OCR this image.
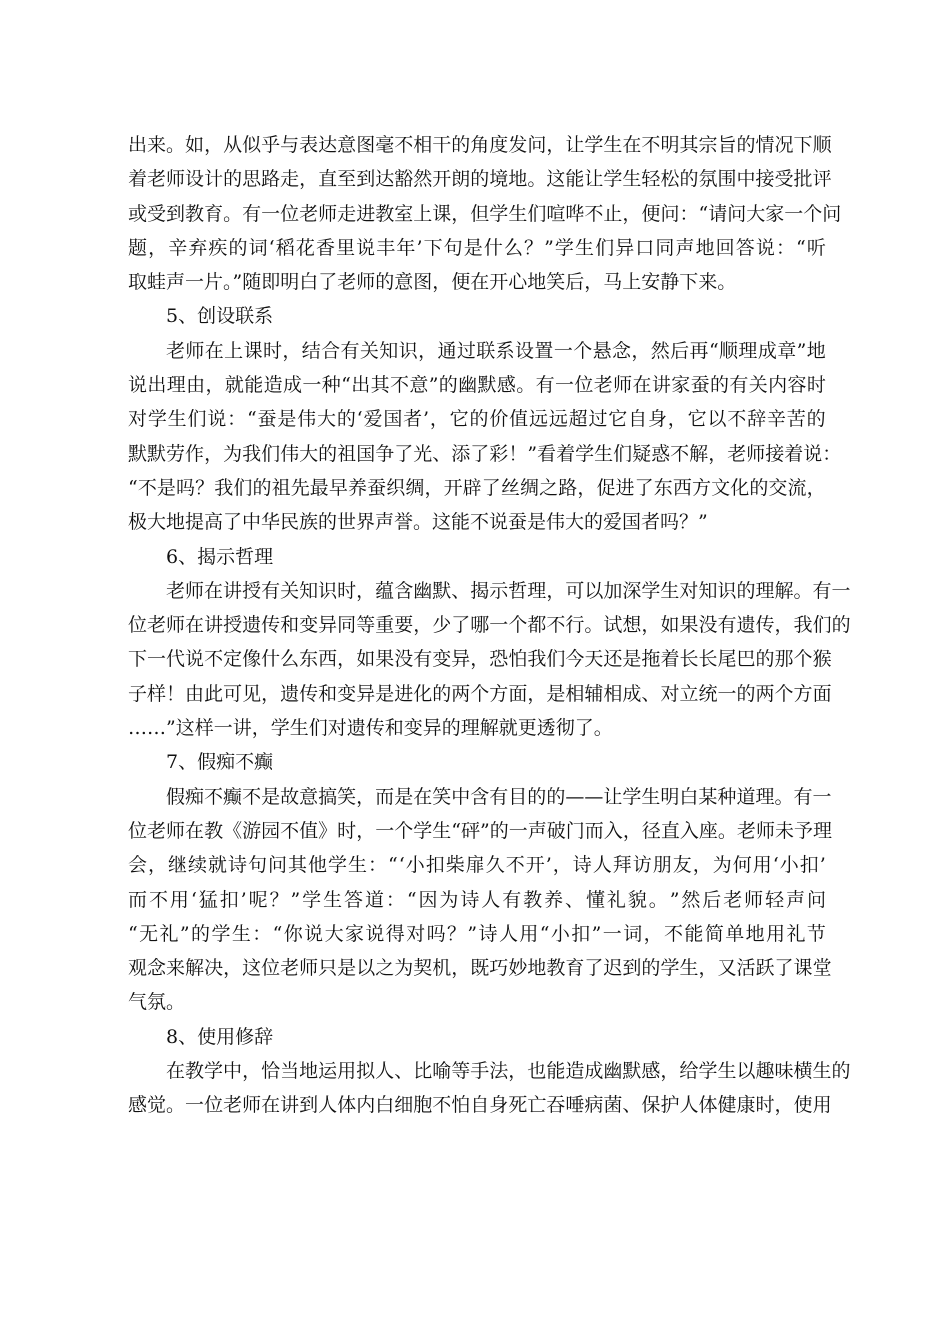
出 来 。 如 ， 从 似 乎 与 表 达 意 图 毫 不 相 干 的 角 度 发 问 ， 让 学 生 在 不 明 其 宗 旨 的 情 况 下 顺
着 老 师 设 计 的 思 路 走 ， 直 至 到 达 豁 然 开 朗 的 境 地 。 这 能 让 学 生 轻 松 的 氛 围 中 接 受 批 评
或 受 到 教 育 。 有 一 位 老 师 走 进 教 室 上 课 ， 但 学 生 们 喧 哗 不 止 ， 便 问 ： “ 请 问 大 家 一 个 问
题 ， 辛 弃 疾 的 词 ‘ 稻 花 香 里 说 丰 年 ’ 下 句 是 什 么 ？ ” 学 生 们 异 口 同 声 地 回 答 说 ： “ 听
取蛙声一片。”随即明白了老师的意图，便在开心地笑后，马上安静下来。
5、创设联系
老 师 在 上 课 时 ， 结 合 有 关 知 识 ， 通 过 联 系 设 置 一 个 悬 念 ， 然 后 再 “ 顺 理 成 章 ” 地
说 出 理 由 ， 就 能 造 成 一 种 “ 出 其 不 意 ” 的 幽 默 感 。 有 一 位 老 师 在 讲 家 蚕 的 有 关 内 容 时
对 学 生 们 说 ： “ 蚕 是 伟 大 的 ‘ 爱 国 者 ’ ， 它 的 价 值 远 远 超 过 它 自 身 ， 它 以 不 辞 辛 苦 的
默 默 劳 作 ， 为 我 们 伟 大 的 祖 国 争 了 光 、 添 了 彩 ！ ” 看 着 学 生 们 疑 惑 不 解 ， 老 师 接 着 说 ：
“ 不 是 吗 ？ 我 们 的 祖 先 最 早 养 蚕 织 绸 ， 开 辟 了 丝 绸 之 路 ， 促 进 了 东 西 方 文 化 的 交 流 ，
极大地提高了中华民族的世界声誉。这能不说蚕是伟大的爱国者吗？”
6、揭示哲理
老 师 在 讲 授 有 关 知 识 时 ， 蕴 含 幽 默 、 揭 示 哲 理 ， 可 以 加 深 学 生 对 知 识 的 理 解 。 有 一
位 老 师 在 讲 授 遗 传 和 变 异 同 等 重 要 ， 少 了 哪 一 个 都 不 行 。 试 想 ， 如 果 没 有 遗 传 ， 我 们 的
下 一 代 说 不 定 像 什 么 东 西 ， 如 果 没 有 变 异 ， 恐 怕 我 们 今 天 还 是 拖 着 长 长 尾 巴 的 那 个 猴
子 样 ！ 由 此 可 见 ， 遗 传 和 变 异 是 进 化 的 两 个 方 面 ， 是 相 辅 相 成 、 对 立 统 一 的 两 个 方 面
……”这样一讲，学生们对遗传和变异的理解就更透彻了。
7、假痴不癫
假 痴 不 癫 不 是 故 意 搞 笑 ， 而 是 在 笑 中 含 有 目 的 的 — — 让 学 生 明 白 某 种 道 理 。 有 一
位 老 师 在 教 《 游 园 不 值 》 时 ， 一 个 学 生 “ 砰 ” 的 一 声 破 门 而 入 ， 径 直 入 座 。 老 师 未 予 理
会 ， 继 续 就 诗 句 问 其 他 学 生 ： “ ‘ 小 扣 柴 扉 久 不 开 ’ ， 诗 人 拜 访 朋 友 ， 为 何 用 ‘ 小 扣 ’
而 不 用 ‘ 猛 扣 ’ 呢 ？ ” 学 生 答 道 ： “ 因 为 诗 人 有 教 养 、 懂 礼 貌 。 ” 然 后 老 师 轻 声 问
“ 无 礼 ” 的 学 生 ： “ 你 说 大 家 说 得 对 吗 ？ ” 诗 人 用 “ 小 扣 ” 一 词 ， 不 能 简 单 地 用 礼 节
观 念 来 解 决 ， 这 位 老 师 只 是 以 之 为 契 机 ， 既 巧 妙 地 教 育 了 迟 到 的 学 生 ， 又 活 跃 了 课 堂
气氛。
8、使用修辞
在 教 学 中 ， 恰 当 地 运 用 拟 人 、 比 喻 等 手 法 ， 也 能 造 成 幽 默 感 ， 给 学 生 以 趣 味 横 生 的
感 觉 。 一 位 老 师 在 讲 到 人 体 内 白 细 胞 不 怕 自 身 死 亡 吞 唾 病 菌 、 保 护 人 体 健 康 时 ， 使 用
